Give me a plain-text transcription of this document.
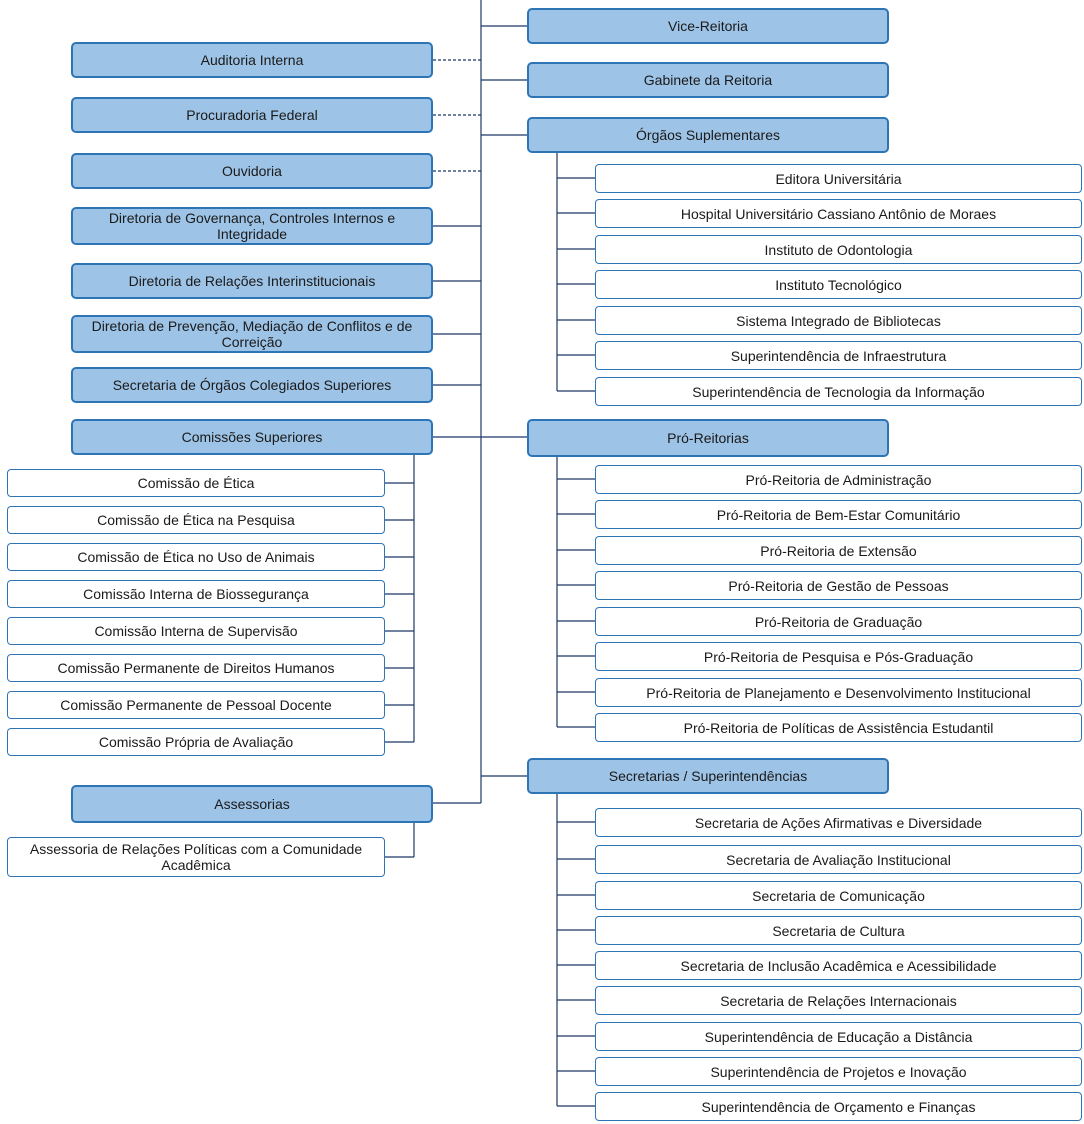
Vice-Reitoria
Gabinete da Reitoria
Auditoria Interna
Procuradoria Federal
Ouvidoria
Diretoria de Governança, Controles Internos e Integridade
Diretoria de Relações Interinstitucionais
Diretoria de Prevenção, Mediação de Conflitos e de Correição
Secretaria de Órgãos Colegiados Superiores
Comissões Superiores
Comissão de Ética
Comissão de Ética na Pesquisa
Comissão de Ética no Uso de Animais
Comissão Interna de Biossegurança
Comissão Interna de Supervisão
Comissão Permanente de Direitos Humanos
Comissão Permanente de Pessoal Docente
Comissão Própria de Avaliação
Assessorias
Assessoria de Relações Políticas com a Comunidade Acadêmica
Órgãos Suplementares
Editora Universitária
Hospital Universitário Cassiano Antônio de Moraes
Instituto de Odontologia
Instituto Tecnológico
Sistema Integrado de Bibliotecas
Superintendência de Infraestrutura
Superintendência de Tecnologia da Informação
Pró-Reitorias
Pró-Reitoria de Administração
Pró-Reitoria de Bem-Estar Comunitário
Pró-Reitoria de Extensão
Pró-Reitoria de Gestão de Pessoas
Pró-Reitoria de Graduação
Pró-Reitoria de Pesquisa e Pós-Graduação
Pró-Reitoria de Planejamento e Desenvolvimento Institucional
Pró-Reitoria de Políticas de Assistência Estudantil
Secretarias / Superintendências
Secretaria de Ações Afirmativas e Diversidade
Secretaria de Avaliação Institucional
Secretaria de Comunicação
Secretaria de Cultura
Secretaria de Inclusão Acadêmica e Acessibilidade
Secretaria de Relações Internacionais
Superintendência de Educação a Distância
Superintendência de Projetos e Inovação
Superintendência de Orçamento e Finanças
